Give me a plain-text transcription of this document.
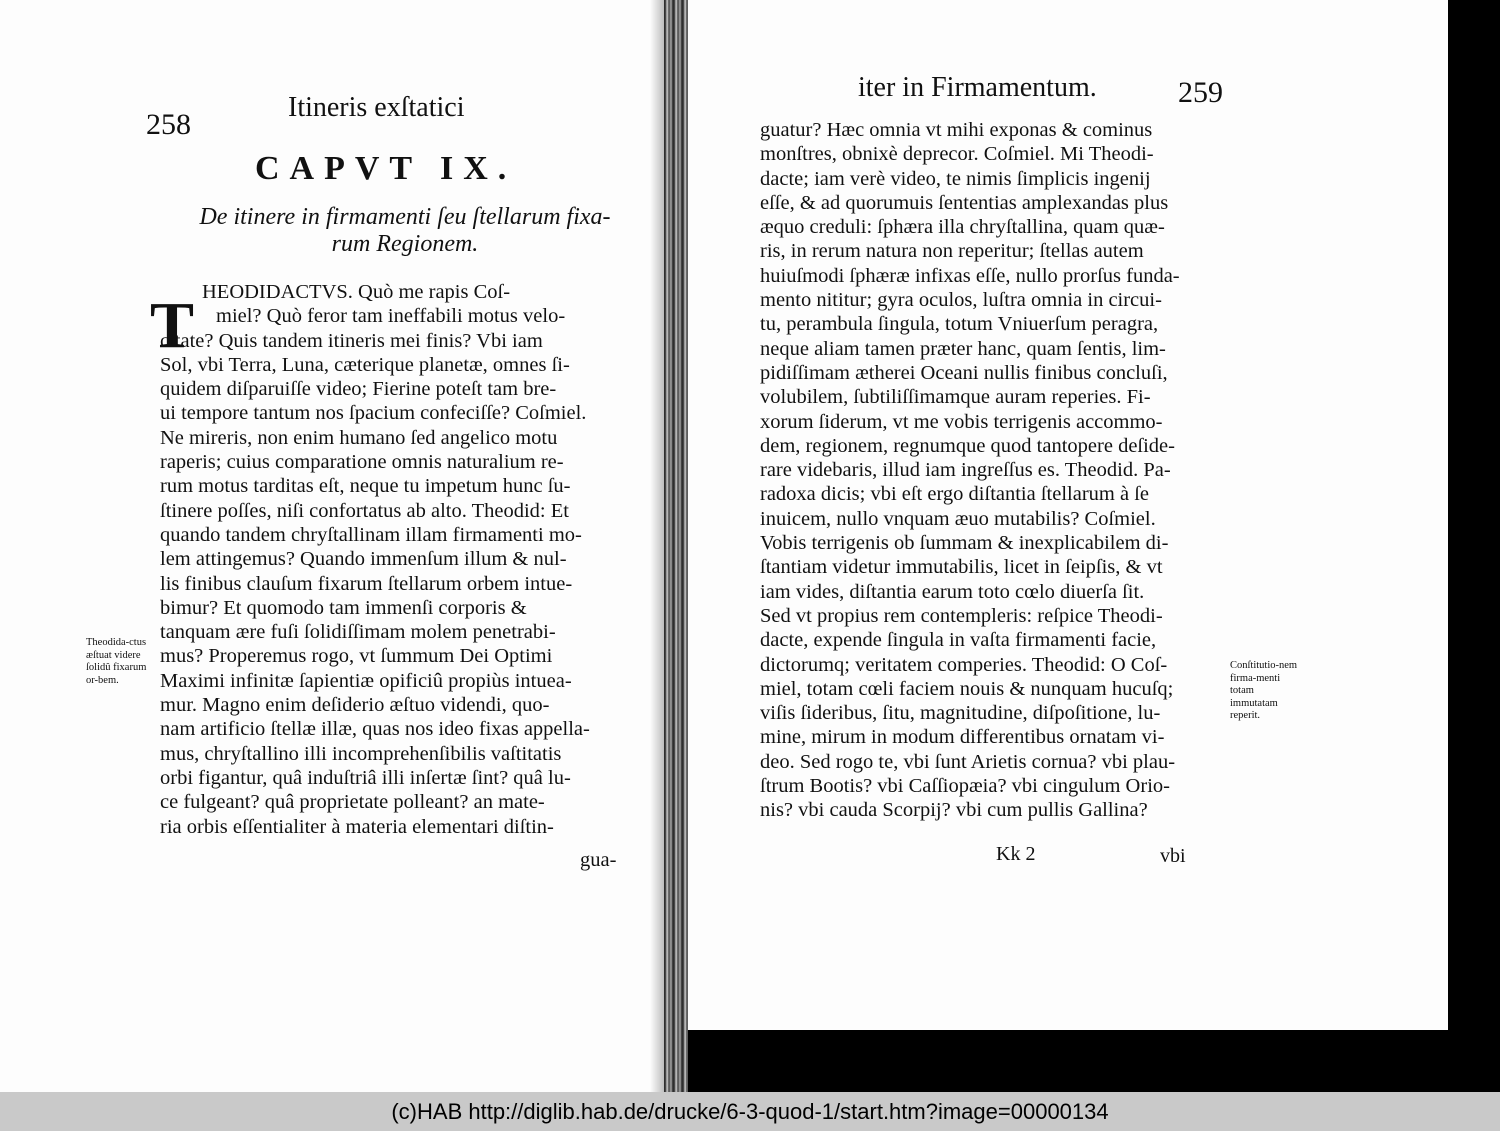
258
Itineris exſtatici
CAPVT IX.
De itinere in firmamenti ſeu ſtellarum fixa-
rum Regionem.
T HEODIDACTVS. Quò me rapis Coſ-
miel? Quò feror tam ineffabili motus velo-
citate? Quis tandem itineris mei finis? Vbi iam
Sol, vbi Terra, Luna, cæterique planetæ, omnes ſi-
quidem diſparuiſſe video; Fierine poteſt tam bre-
ui tempore tantum nos ſpacium confeciſſe? Coſmiel.
Ne mireris, non enim humano ſed angelico motu
raperis; cuius comparatione omnis naturalium re-
rum motus tarditas eſt, neque tu impetum hunc ſu-
ſtinere poſſes, niſi confortatus ab alto. Theodid: Et
quando tandem chryſtallinam illam firmamenti mo-
lem attingemus? Quando immenſum illum & nul-
lis finibus clauſum fixarum ſtellarum orbem intue-
bimur? Et quomodo tam immenſi corporis &
tanquam ære fuſi ſolidiſſimam molem penetrabi-
mus? Properemus rogo, vt ſummum Dei Optimi
Maximi infinitæ ſapientiæ opificiû propiùs intuea-
mur. Magno enim deſiderio æſtuo videndi, quo-
nam artificio ſtellæ illæ, quas nos ideo fixas appella-
mus, chryſtallino illi incomprehenſibilis vaſtitatis
orbi figantur, quâ induſtriâ illi inſertæ ſint? quâ lu-
ce fulgeant? quâ proprietate polleant? an mate-
ria orbis eſſentialiter à materia elementari diſtin-
gua-
Theodida-ctus æſtuat videre ſolidû fixarum or-bem.
iter in Firmamentum.	259
guatur? Hæc omnia vt mihi exponas & cominus
monſtres, obnixè deprecor. Coſmiel. Mi Theodi-
dacte; iam verè video, te nimis ſimplicis ingenij
eſſe, & ad quorumuis ſententias amplexandas plus
æquo creduli: ſphæra illa chryſtallina, quam quæ-
ris, in rerum natura non reperitur; ſtellas autem
huiuſmodi ſphæræ infixas eſſe, nullo prorſus funda-
mento nititur; gyra oculos, luſtra omnia in circui-
tu, perambula ſingula, totum Vniuerſum peragra,
neque aliam tamen præter hanc, quam ſentis, lim-
pidiſſimam ætherei Oceani nullis finibus concluſi,
volubilem, ſubtiliſſimamque auram reperies. Fi-
xorum ſiderum, vt me vobis terrigenis accommo-
dem, regionem, regnumque quod tantopere deſide-
rare videbaris, illud iam ingreſſus es. Theodid. Pa-
radoxa dicis; vbi eſt ergo diſtantia ſtellarum à ſe
inuicem, nullo vnquam æuo mutabilis? Coſmiel.
Vobis terrigenis ob ſummam & inexplicabilem di-
ſtantiam videtur immutabilis, licet in ſeipſis, & vt
iam vides, diſtantia earum toto cœlo diuerſa ſit.
Sed vt propius rem contempleris: reſpice Theodi-
dacte, expende ſingula in vaſta firmamenti facie,
dictorumq; veritatem comperies. Theodid: O Coſ-
miel, totam cœli faciem nouis & nunquam hucuſq;
viſis ſideribus, ſitu, magnitudine, diſpoſitione, lu-
mine, mirum in modum differentibus ornatam vi-
deo. Sed rogo te, vbi ſunt Arietis cornua? vbi plau-
ſtrum Bootis? vbi Caſſiopæia? vbi cingulum Orio-
nis? vbi cauda Scorpij? vbi cum pullis Gallina?
Kk 2	vbi
Conſtitutio-nem firma-menti totam immutatam reperit.
(c)HAB http://diglib.hab.de/drucke/6-3-quod-1/start.htm?image=00000134
